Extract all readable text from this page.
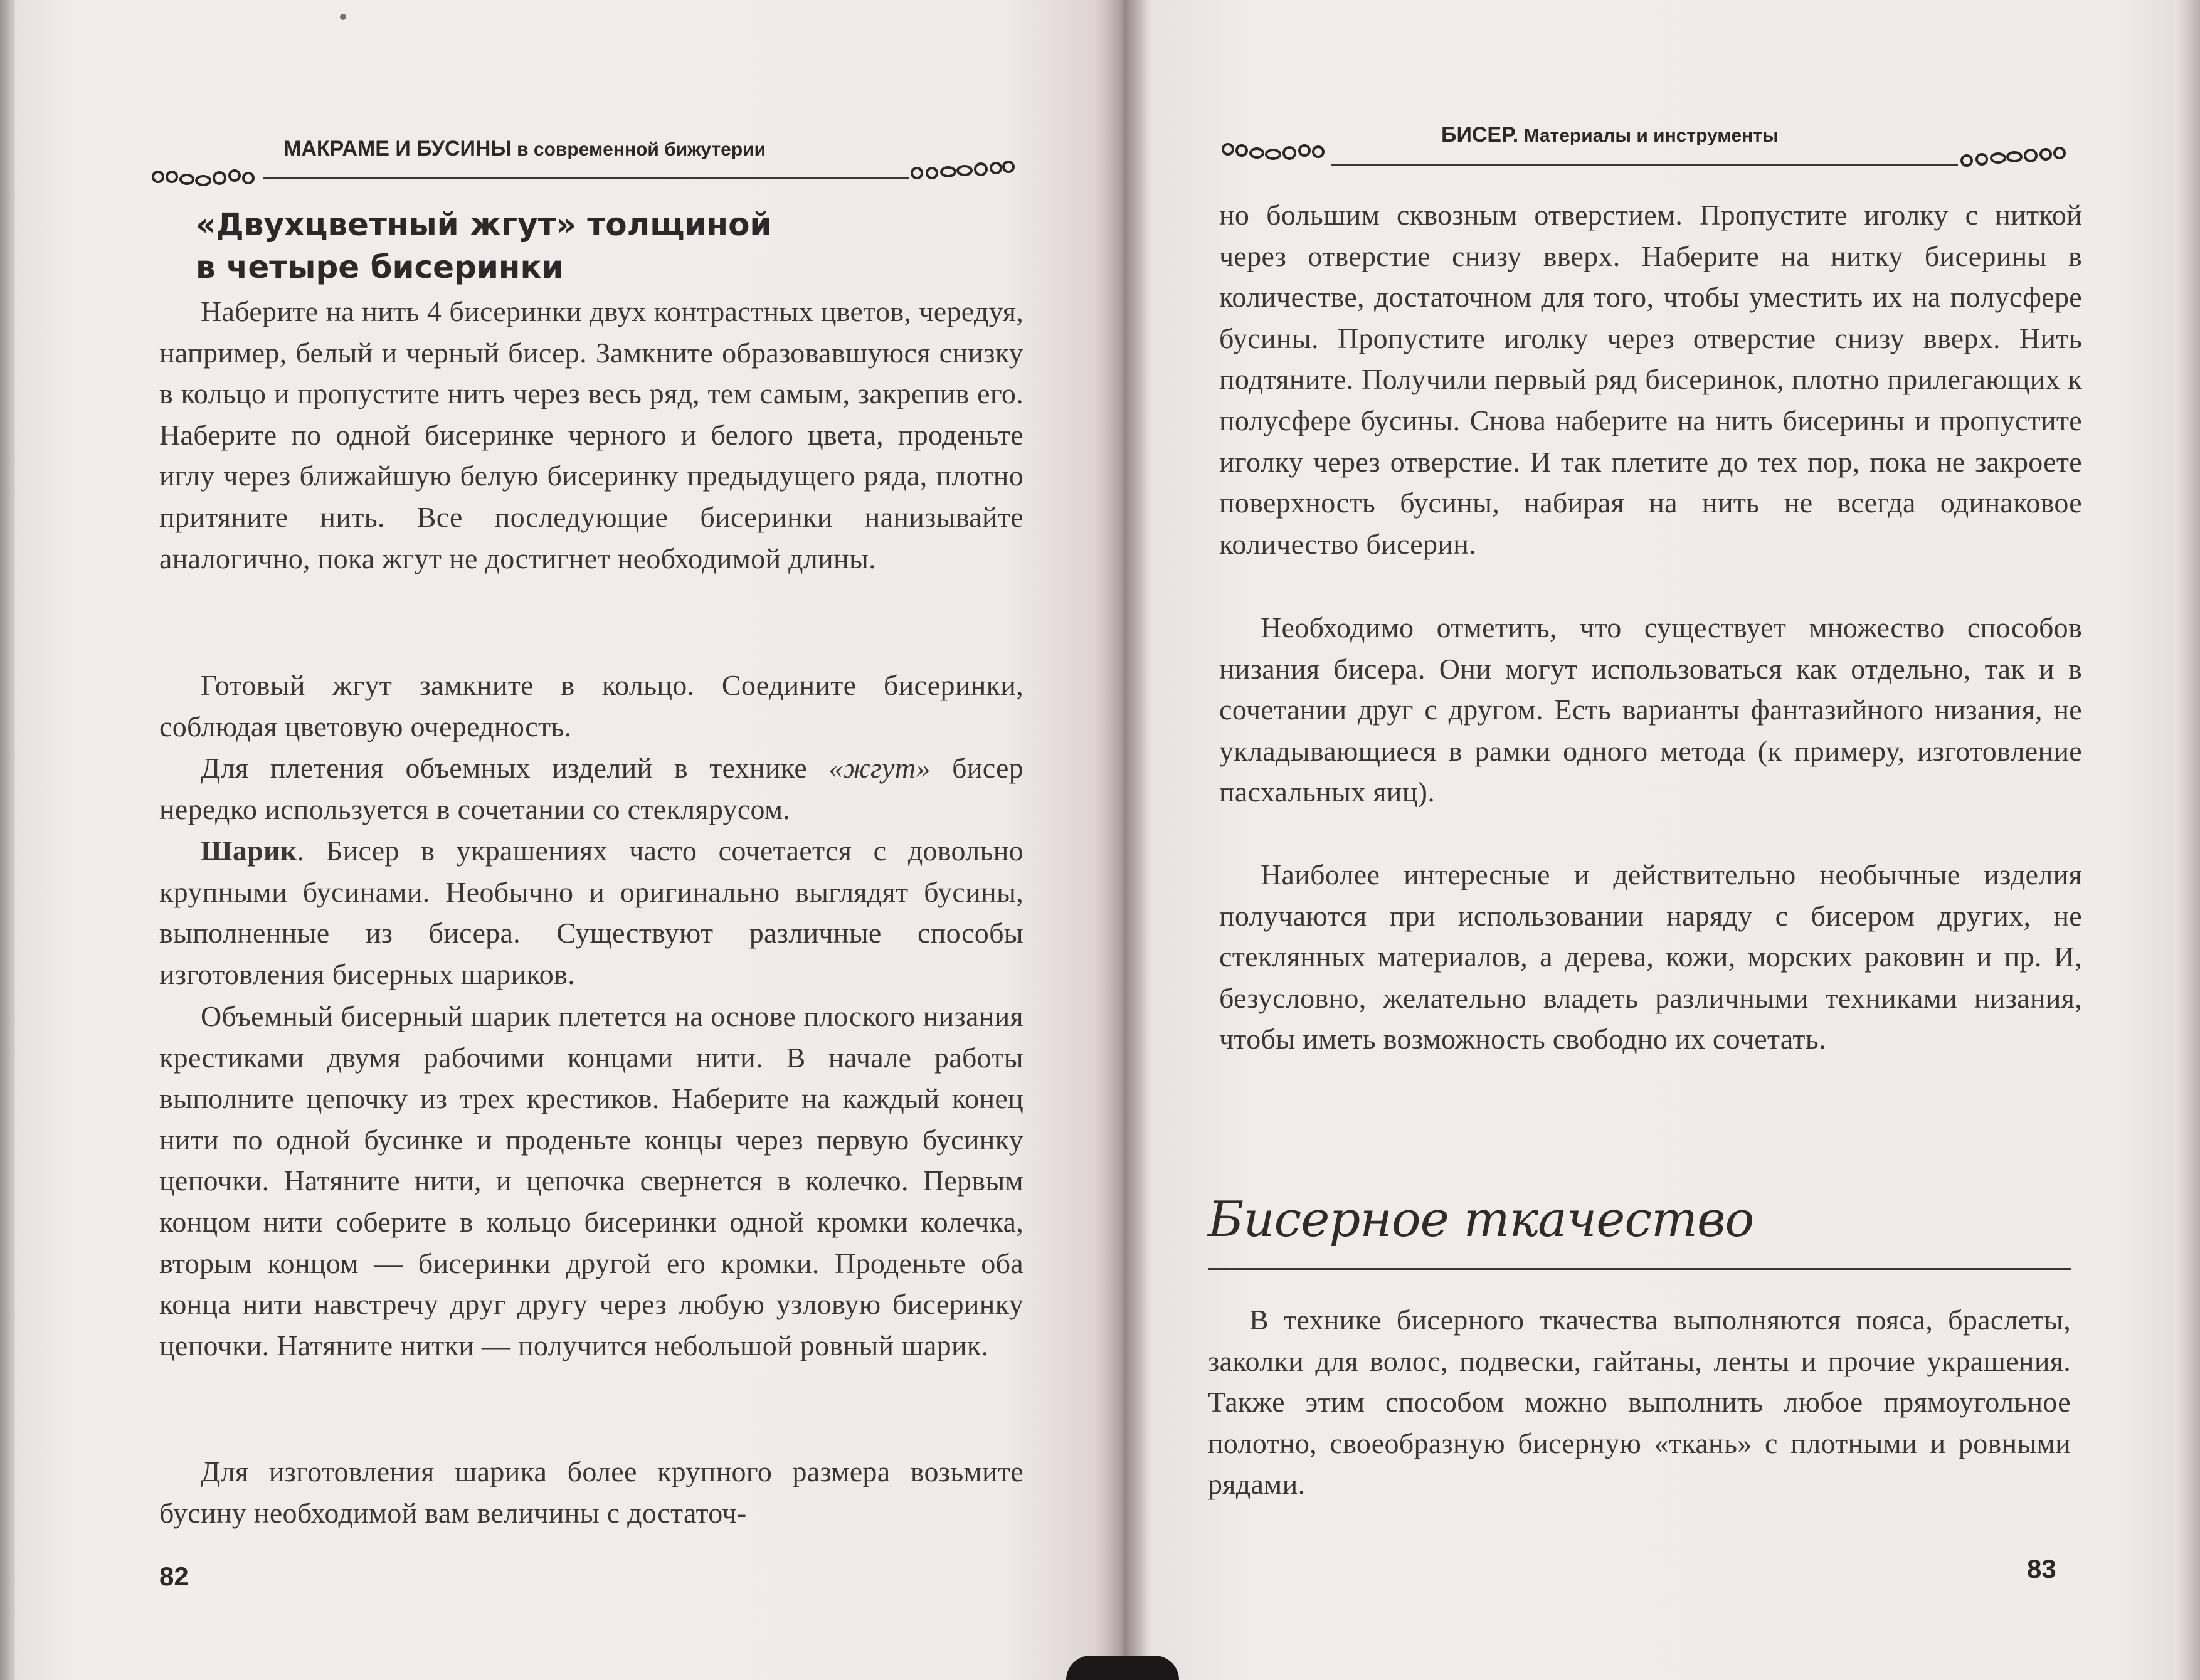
МАКРАМЕ И БУСИНЫ в современной бижутерии
«Двухцветный жгут» толщиной
в четыре бисеринки
Наберите на нить 4 бисеринки двух контрастных цветов, чередуя, например, белый и черный бисер. Замкните образовавшуюся снизку в кольцо и пропустите нить через весь ряд, тем самым, закрепив его. Наберите по одной бисеринке черного и белого цвета, проденьте иглу через ближайшую белую бисеринку предыдущего ряда, плотно притяните нить. Все последующие бисеринки нанизывайте аналогично, пока жгут не достигнет необходимой длины.
Готовый жгут замкните в кольцо. Соедините бисеринки, соблюдая цветовую очередность.
Для плетения объемных изделий в технике «жгут» бисер нередко используется в сочетании со стеклярусом.
Шарик. Бисер в украшениях часто сочетается с довольно крупными бусинами. Необычно и оригинально выглядят бусины, выполненные из бисера. Существуют различные способы изготовления бисерных шариков.
Объемный бисерный шарик плетется на основе плоского низания крестиками двумя рабочими концами нити. В начале работы выполните цепочку из трех крестиков. Наберите на каждый конец нити по одной бусинке и проденьте концы через первую бусинку цепочки. Натяните нити, и цепочка свернется в колечко. Первым концом нити соберите в кольцо бисеринки одной кромки колечка, вторым концом — бисеринки другой его кромки. Проденьте оба конца нити навстречу друг другу через любую узловую бисеринку цепочки. Натяните нитки — получится небольшой ровный шарик.
Для изготовления шарика более крупного размера возьмите бусину необходимой вам величины с достаточ-
82
БИСЕР. Материалы и инструменты
но большим сквозным отверстием. Пропустите иголку с ниткой через отверстие снизу вверх. Наберите на нитку бисерины в количестве, достаточном для того, чтобы уместить их на полусфере бусины. Пропустите иголку через отверстие снизу вверх. Нить подтяните. Получили первый ряд бисеринок, плотно прилегающих к полусфере бусины. Снова наберите на нить бисерины и пропустите иголку через отверстие. И так плетите до тех пор, пока не закроете поверхность бусины, набирая на нить не всегда одинаковое количество бисерин.
Необходимо отметить, что существует множество способов низания бисера. Они могут использоваться как отдельно, так и в сочетании друг с другом. Есть варианты фантазийного низания, не укладывающиеся в рамки одного метода (к примеру, изготовление пасхальных яиц).
Наиболее интересные и действительно необычные изделия получаются при использовании наряду с бисером других, не стеклянных материалов, а дерева, кожи, морских раковин и пр. И, безусловно, желательно владеть различными техниками низания, чтобы иметь возможность свободно их сочетать.
Бисерное ткачество
В технике бисерного ткачества выполняются пояса, браслеты, заколки для волос, подвески, гайтаны, ленты и прочие украшения. Также этим способом можно выполнить любое прямоугольное полотно, своеобразную бисерную «ткань» с плотными и ровными рядами.
83
